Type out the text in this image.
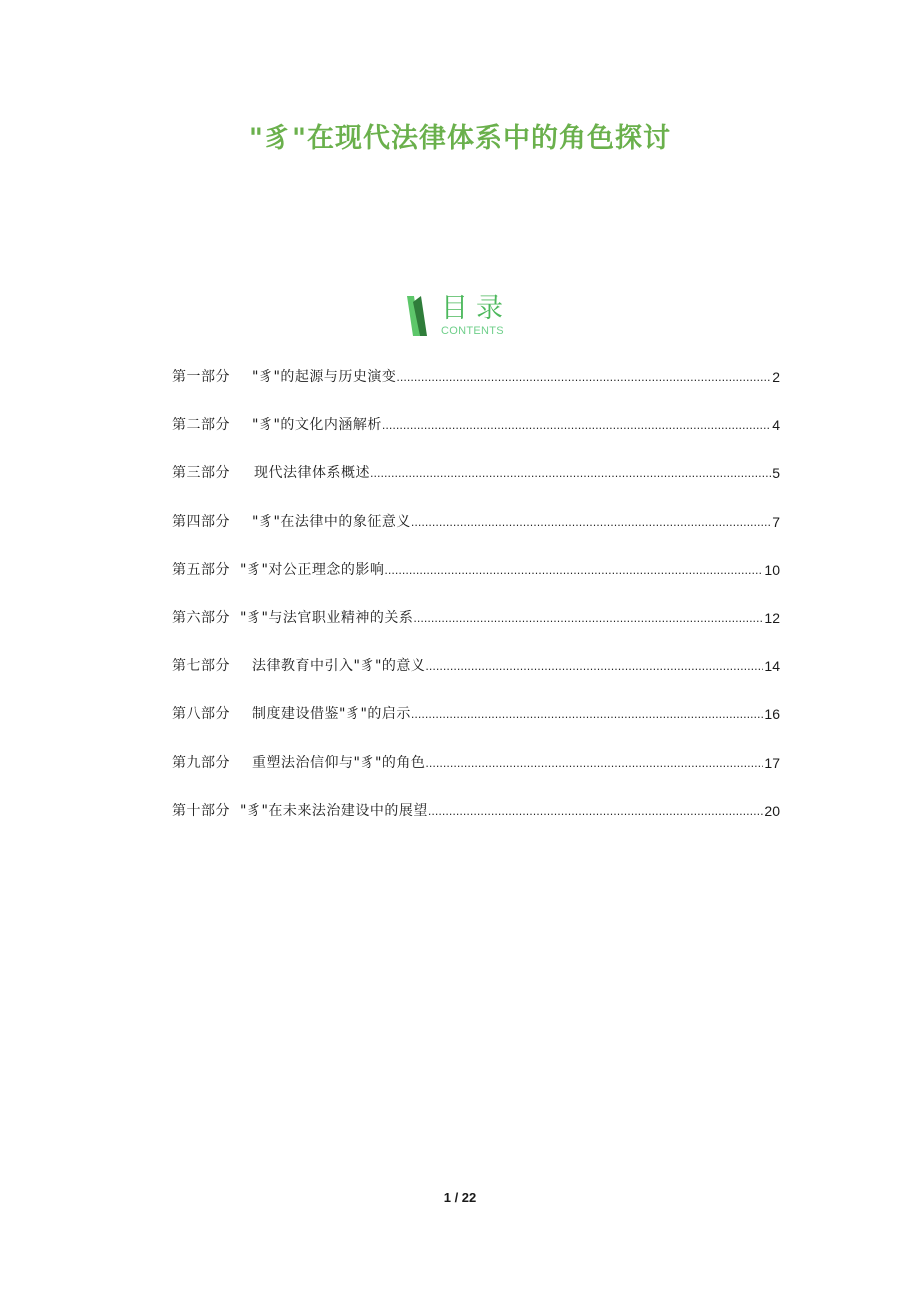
"豸"在现代法律体系中的角色探讨
目录
CONTENTS
第一部分 "豸"的起源与历史演变 .....	2
第二部分 "豸"的文化内涵解析 .....	4
第三部分 现代法律体系概述 .....	5
第四部分 "豸"在法律中的象征意义 .....	7
第五部分 "豸"对公正理念的影响 .....	10
第六部分 "豸"与法官职业精神的关系 .....	12
第七部分 法律教育中引入"豸"的意义 .....	14
第八部分 制度建设借鉴"豸"的启示 .....	16
第九部分 重塑法治信仰与"豸"的角色 .....	17
第十部分 "豸"在未来法治建设中的展望 .....	20
1 / 22
